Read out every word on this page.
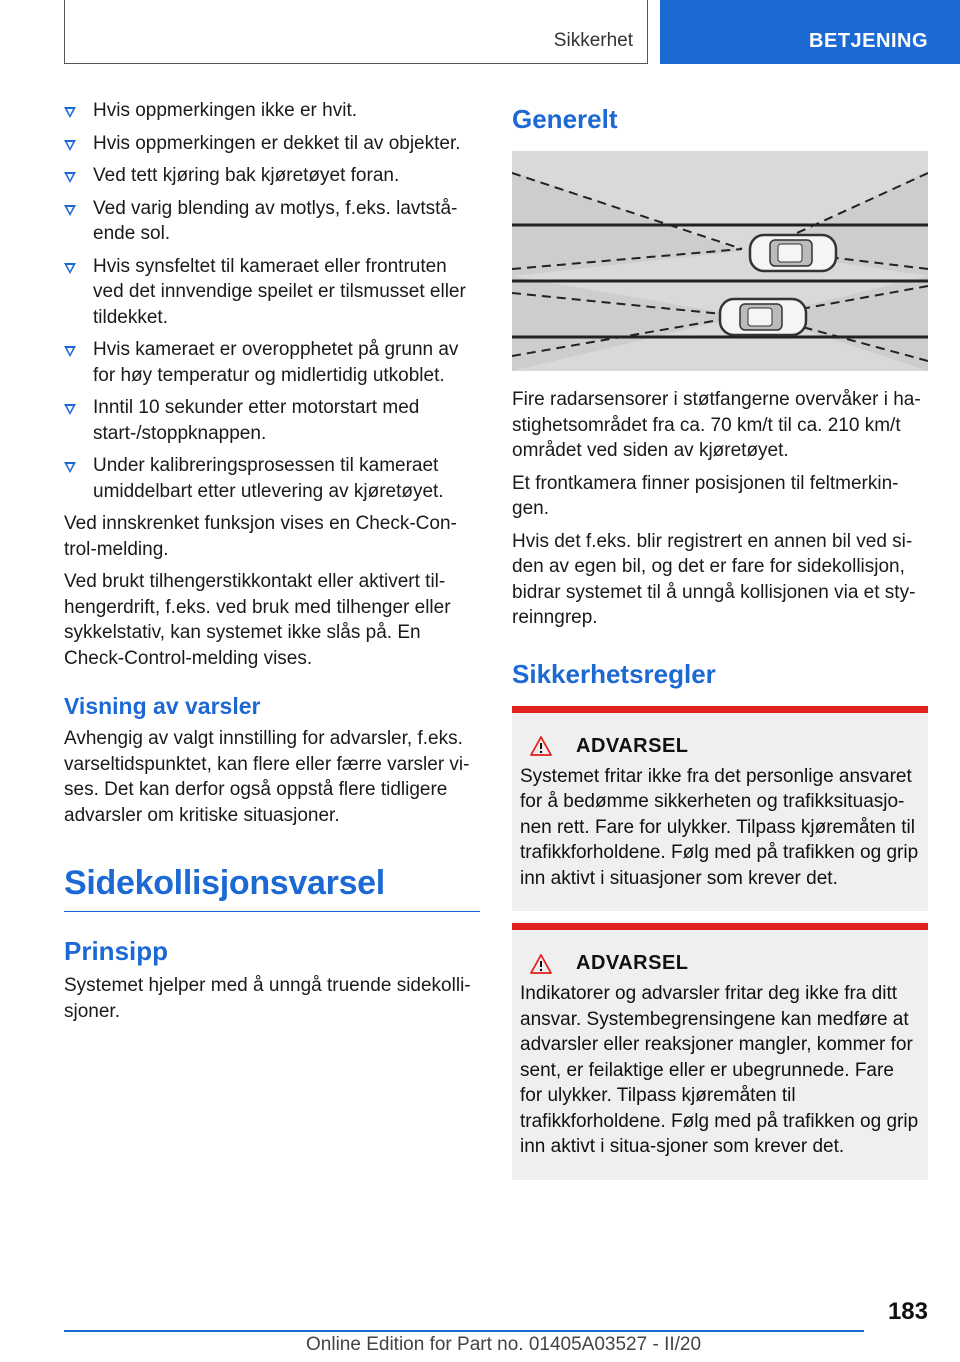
Sikkerhet	BETJENING
Hvis oppmerkingen ikke er hvit.
Hvis oppmerkingen er dekket til av objekter.
Ved tett kjøring bak kjøretøyet foran.
Ved varig blending av motlys, f.eks. lavtstå-ende sol.
Hvis synsfeltet til kameraet eller frontruten ved det innvendige speilet er tilsmusset eller tildekket.
Hvis kameraet er overopphetet på grunn av for høy temperatur og midlertidig utkoblet.
Inntil 10 sekunder etter motorstart med start-/stoppknappen.
Under kalibreringsprosessen til kameraet umiddelbart etter utlevering av kjøretøyet.

Ved innskrenket funksjon vises en Check-Con-trol-melding.

Ved brukt tilhengerstikkontakt eller aktivert til-hengerdrift, f.eks. ved bruk med tilhenger eller sykkelstativ, kan systemet ikke slås på. En Check-Control-melding vises.

Visning av varsler

Avhengig av valgt innstilling for advarsler, f.eks. varseltidspunktet, kan flere eller færre varsler vi-ses. Det kan derfor også oppstå flere tidligere advarsler om kritiske situasjoner.

Sidekollisjonsvarsel
Prinsipp

Systemet hjelper med å unngå truende sidekolli-sjoner.

Generelt

Fire radarsensorer i støtfangerne overvåker i ha-stighetsområdet fra ca. 70 km/t til ca. 210 km/t området ved siden av kjøretøyet.

Et frontkamera finner posisjonen til feltmerkin-gen.

Hvis det f.eks. blir registrert en annen bil ved si-den av egen bil, og det er fare for sidekollisjon, bidrar systemet til å unngå kollisjonen via et sty-reinngrep.

Sikkerhetsregler
ADVARSEL
Systemet fritar ikke fra det personlige ansvaret for å bedømme sikkerheten og trafikksituasjo-nen rett. Fare for ulykker. Tilpass kjøremåten til trafikkforholdene. Følg med på trafikken og grip inn aktivt i situasjoner som krever det.
ADVARSEL
Indikatorer og advarsler fritar deg ikke fra ditt ansvar. Systembegrensingene kan medføre at advarsler eller reaksjoner mangler, kommer for sent, er feilaktige eller er ubegrunnede. Fare for ulykker. Tilpass kjøremåten til trafikkforholdene. Følg med på trafikken og grip inn aktivt i situa-sjoner som krever det.
183
Online Edition for Part no. 01405A03527 - II/20
